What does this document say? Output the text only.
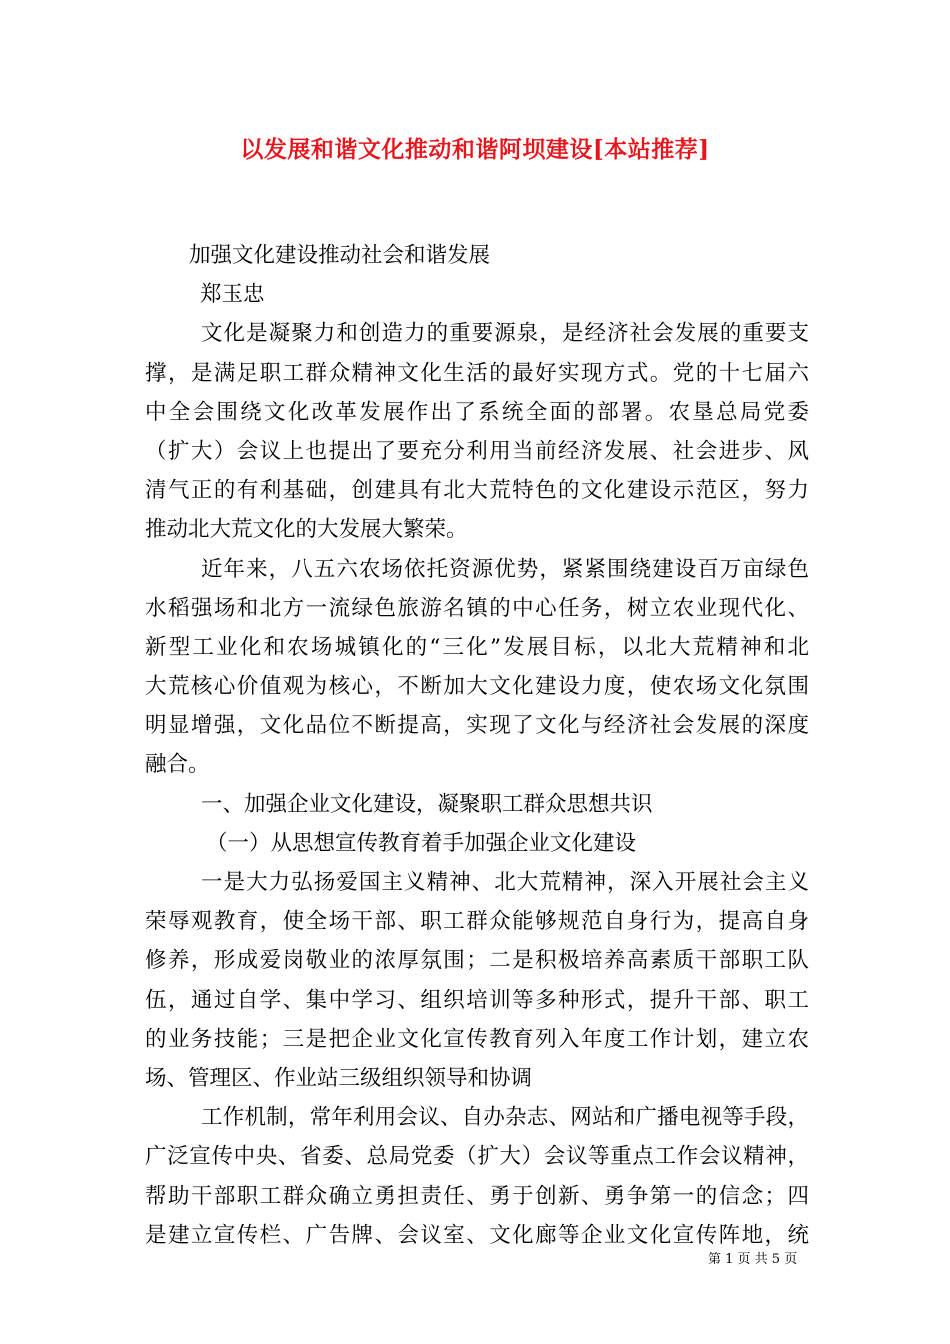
以发展和谐文化推动和谐阿坝建设[本站推荐]
加强文化建设推动社会和谐发展
郑玉忠
文化是凝聚力和创造力的重要源泉，是经济社会发展的重要支
撑，是满足职工群众精神文化生活的最好实现方式。党的十七届六
中全会围绕文化改革发展作出了系统全面的部署。农垦总局党委
（扩大）会议上也提出了要充分利用当前经济发展、社会进步、风
清气正的有利基础，创建具有北大荒特色的文化建设示范区，努力
推动北大荒文化的大发展大繁荣。
近年来，八五六农场依托资源优势，紧紧围绕建设百万亩绿色
水稻强场和北方一流绿色旅游名镇的中心任务，树立农业现代化、
新型工业化和农场城镇化的“三化”发展目标，以北大荒精神和北
大荒核心价值观为核心，不断加大文化建设力度，使农场文化氛围
明显增强，文化品位不断提高，实现了文化与经济社会发展的深度
融合。
一、加强企业文化建设，凝聚职工群众思想共识
（一）从思想宣传教育着手加强企业文化建设
一是大力弘扬爱国主义精神、北大荒精神，深入开展社会主义
荣辱观教育，使全场干部、职工群众能够规范自身行为，提高自身
修养，形成爱岗敬业的浓厚氛围；二是积极培养高素质干部职工队
伍，通过自学、集中学习、组织培训等多种形式，提升干部、职工
的业务技能；三是把企业文化宣传教育列入年度工作计划，建立农
场、管理区、作业站三级组织领导和协调
工作机制，常年利用会议、自办杂志、网站和广播电视等手段，
广泛宣传中央、省委、总局党委（扩大）会议等重点工作会议精神，
帮助干部职工群众确立勇担责任、勇于创新、勇争第一的信念；四
是建立宣传栏、广告牌、会议室、文化廊等企业文化宣传阵地，统
第 1 页 共 5 页
